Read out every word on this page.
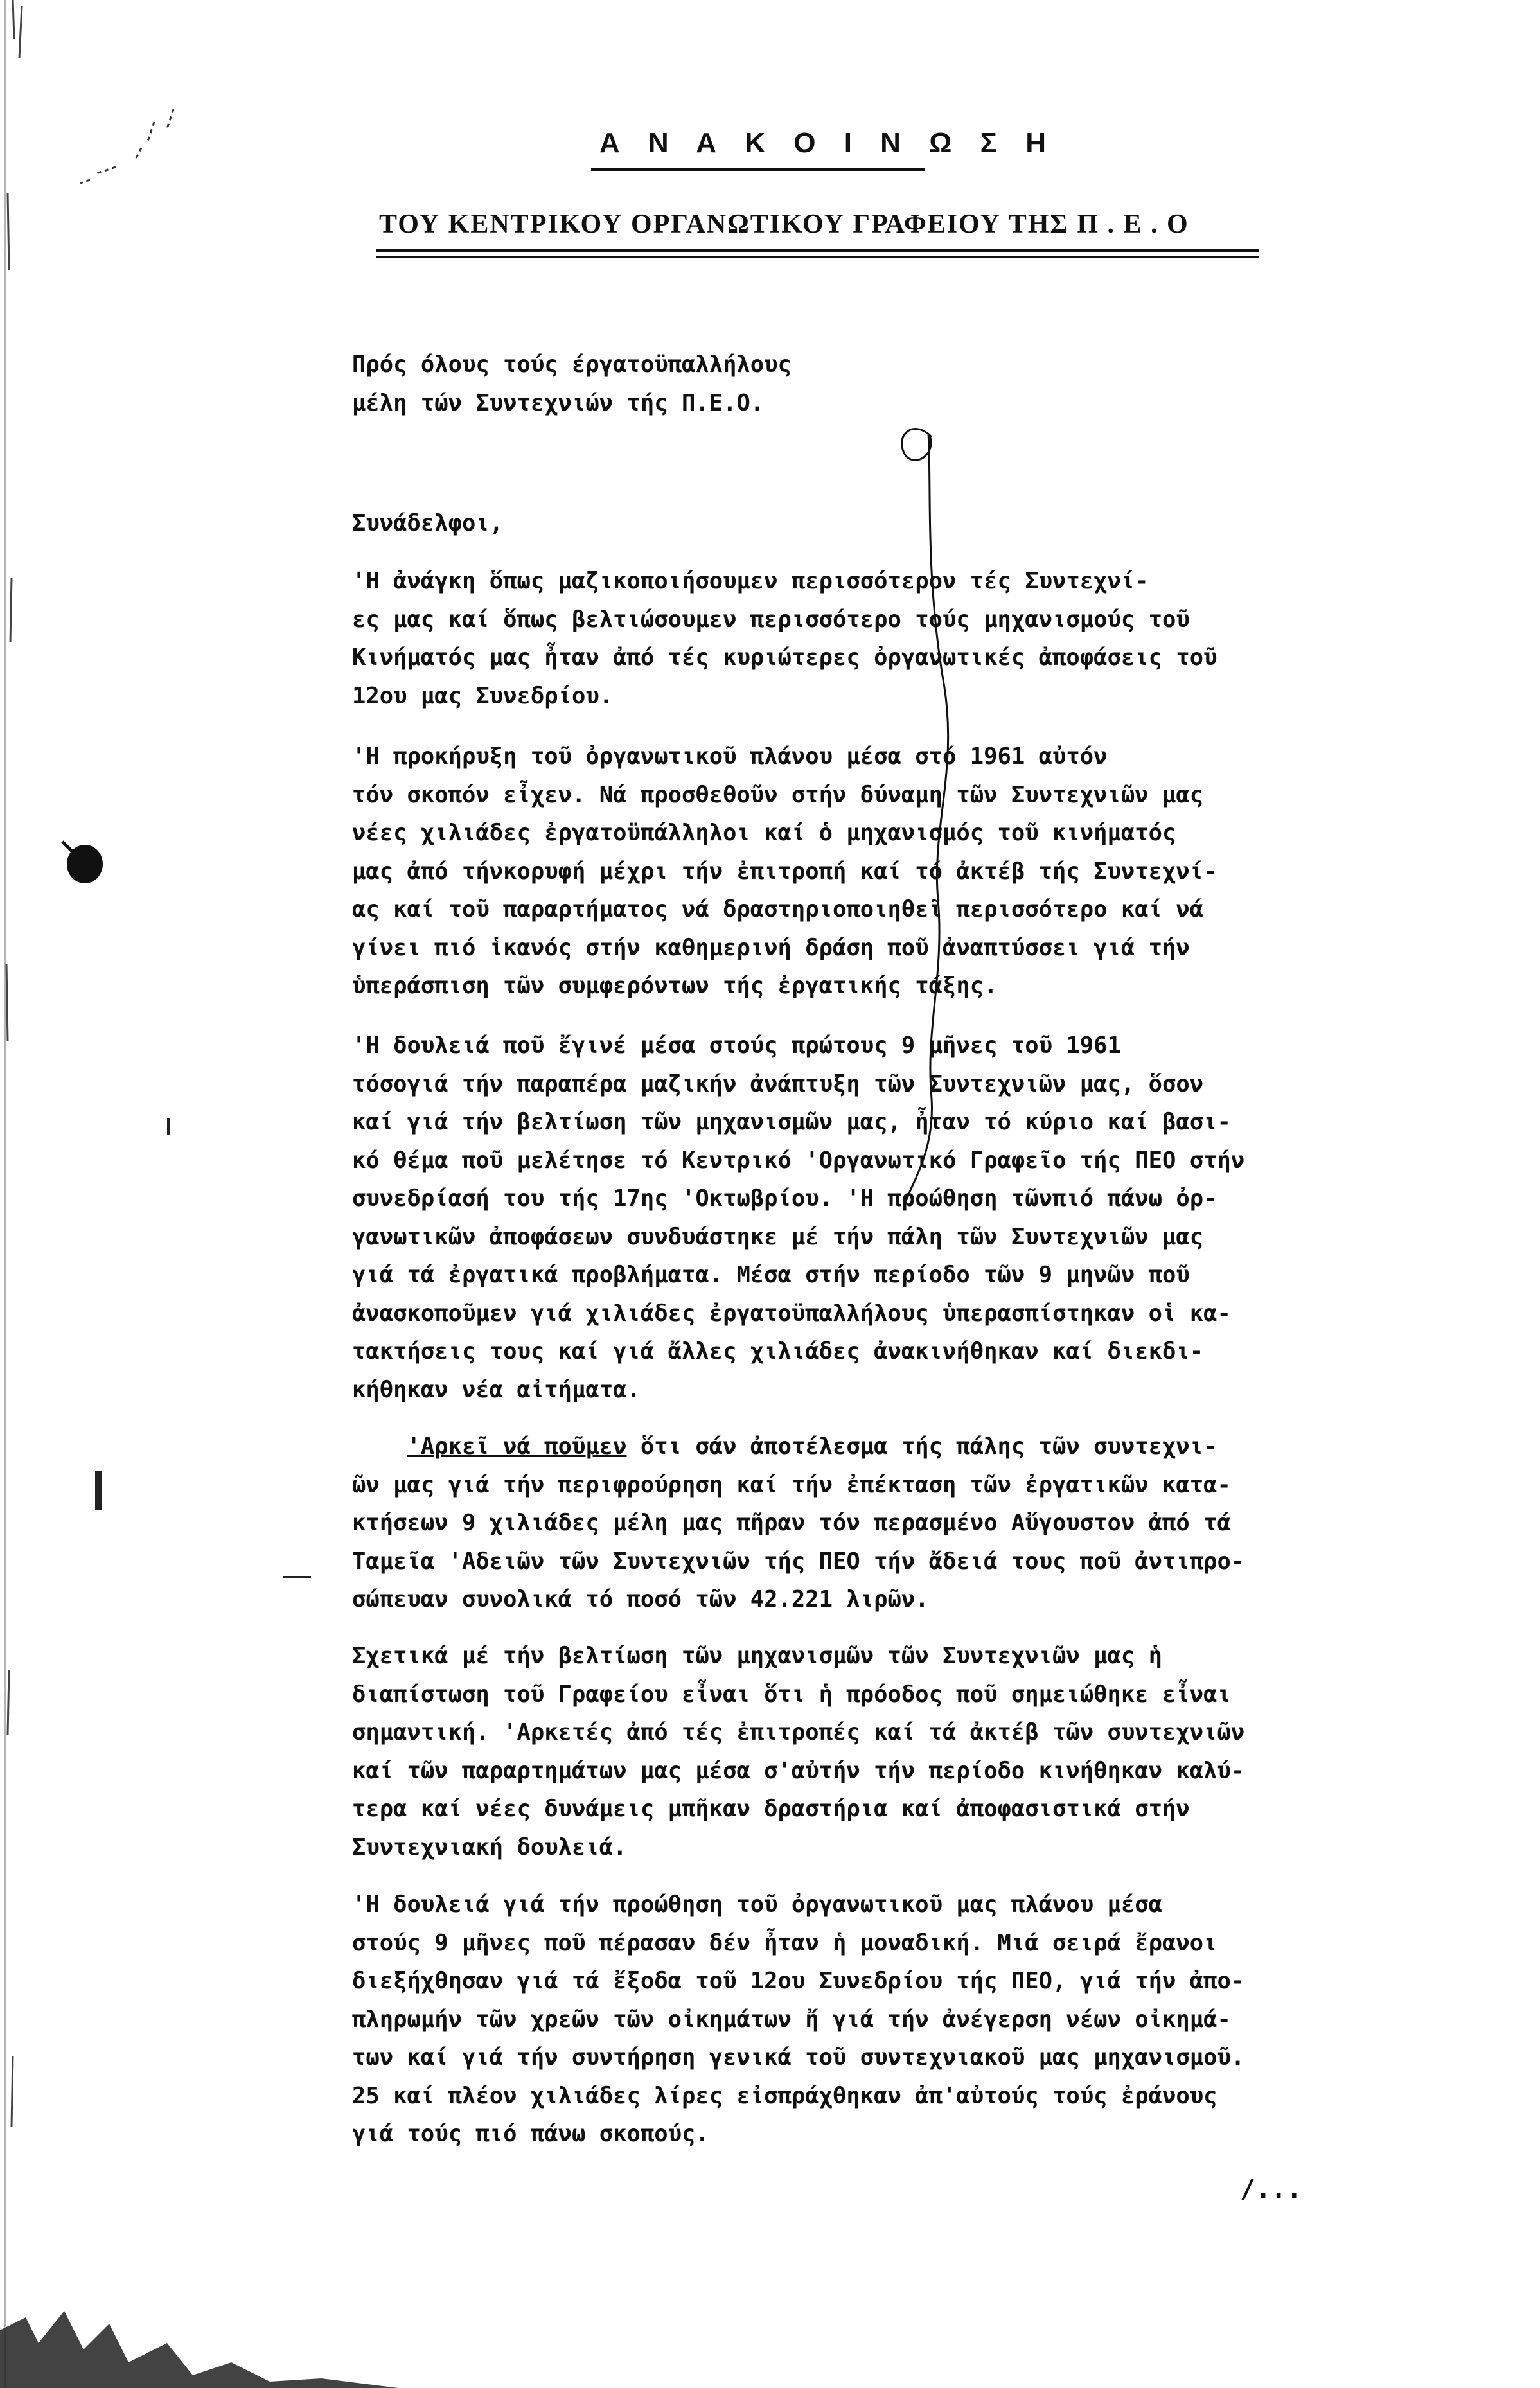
Α Ν Α Κ Ο Ι Ν Ω Σ Η
ΤΟΥ ΚΕΝΤΡΙΚΟΥ ΟΡΓΑΝΩΤΙΚΟΥ ΓΡΑΦΕΙΟΥ ΤΗΣ Π . Ε . Ο
Πρός όλους τούς έργατοϋπαλλήλους
μέλη τών Συντεχνιών τής Π.Ε.Ο.
Συνάδελφοι,
'Η ἀνάγκη ὅπως μαζικοποιήσουμεν περισσότερον τές Συντεχνί-
ες μας καί ὅπως βελτιώσουμεν περισσότερο τούς μηχανισμούς τοῦ
Κινήματός μας ἦταν ἀπό τές κυριώτερες ὀργανωτικές ἀποφάσεις τοῦ
12ου μας Συνεδρίου.
'Η προκήρυξη τοῦ ὀργανωτικοῦ πλάνου μέσα στό 1961 αὐτόν
τόν σκοπόν εἶχεν. Νά προσθεθοῦν στήν δύναμη τῶν Συντεχνιῶν μας
νέες χιλιάδες ἐργατοϋπάλληλοι καί ὁ μηχανισμός τοῦ κινήματός
μας ἀπό τήνκορυφή μέχρι τήν ἐπιτροπή καί τό ἀκτέβ τής Συντεχνί-
ας καί τοῦ παραρτήματος νά δραστηριοποιηθεῖ περισσότερο καί νά
γίνει πιό ἱκανός στήν καθημερινή δράση ποῦ ἀναπτύσσει γιά τήν
ὑπεράσπιση τῶν συμφερόντων τής ἐργατικής τάξης.
'Η δουλειά ποῦ ἔγινέ μέσα στούς πρώτους 9 μῆνες τοῦ 1961
τόσογιά τήν παραπέρα μαζικήν ἀνάπτυξη τῶν Συντεχνιῶν μας, ὅσον
καί γιά τήν βελτίωση τῶν μηχανισμῶν μας, ἦταν τό κύριο καί βασι-
κό θέμα ποῦ μελέτησε τό Κεντρικό 'Οργανωτικό Γραφεῖο τής ΠΕΟ στήν
συνεδρίασή του τής 17ης 'Οκτωβρίου. 'Η προώθηση τῶνπιό πάνω ὀρ-
γανωτικῶν ἀποφάσεων συνδυάστηκε μέ τήν πάλη τῶν Συντεχνιῶν μας
γιά τά ἐργατικά προβλήματα. Μέσα στήν περίοδο τῶν 9 μηνῶν ποῦ
ἀνασκοποῦμεν γιά χιλιάδες ἐργατοϋπαλλήλους ὑπερασπίστηκαν οἱ κα-
τακτήσεις τους καί γιά ἄλλες χιλιάδες ἀνακινήθηκαν καί διεκδι-
κήθηκαν νέα αἰτήματα.
'Αρκεῖ νά ποῦμεν ὅτι σάν ἀποτέλεσμα τής πάλης τῶν συντεχνι-
ῶν μας γιά τήν περιφρούρηση καί τήν ἐπέκταση τῶν ἐργατικῶν κατα-
κτήσεων 9 χιλιάδες μέλη μας πῆραν τόν περασμένο Αὔγουστον ἀπό τά
Ταμεῖα 'Αδειῶν τῶν Συντεχνιῶν τής ΠΕΟ τήν ἄδειά τους ποῦ ἀντιπρο-
σώπευαν συνολικά τό ποσό τῶν 42.221 λιρῶν.
Σχετικά μέ τήν βελτίωση τῶν μηχανισμῶν τῶν Συντεχνιῶν μας ἡ
διαπίστωση τοῦ Γραφείου εἶναι ὅτι ἡ πρόοδος ποῦ σημειώθηκε εἶναι
σημαντική. 'Αρκετές ἀπό τές ἐπιτροπές καί τά ἀκτέβ τῶν συντεχνιῶν
καί τῶν παραρτημάτων μας μέσα σ'αὐτήν τήν περίοδο κινήθηκαν καλύ-
τερα καί νέες δυνάμεις μπῆκαν δραστήρια καί ἀποφασιστικά στήν
Συντεχνιακή δουλειά.
'Η δουλειά γιά τήν προώθηση τοῦ ὀργανωτικοῦ μας πλάνου μέσα
στούς 9 μῆνες ποῦ πέρασαν δέν ἦταν ἡ μοναδική. Μιά σειρά ἔρανοι
διεξήχθησαν γιά τά ἔξοδα τοῦ 12ου Συνεδρίου τής ΠΕΟ, γιά τήν ἀπο-
πληρωμήν τῶν χρεῶν τῶν οἰκημάτων ἤ γιά τήν ἀνέγερση νέων οἰκημά-
των καί γιά τήν συντήρηση γενικά τοῦ συντεχνιακοῦ μας μηχανισμοῦ.
25 καί πλέον χιλιάδες λίρες εἰσπράχθηκαν ἀπ'αὐτούς τούς ἐράνους
γιά τούς πιό πάνω σκοπούς.
/...
